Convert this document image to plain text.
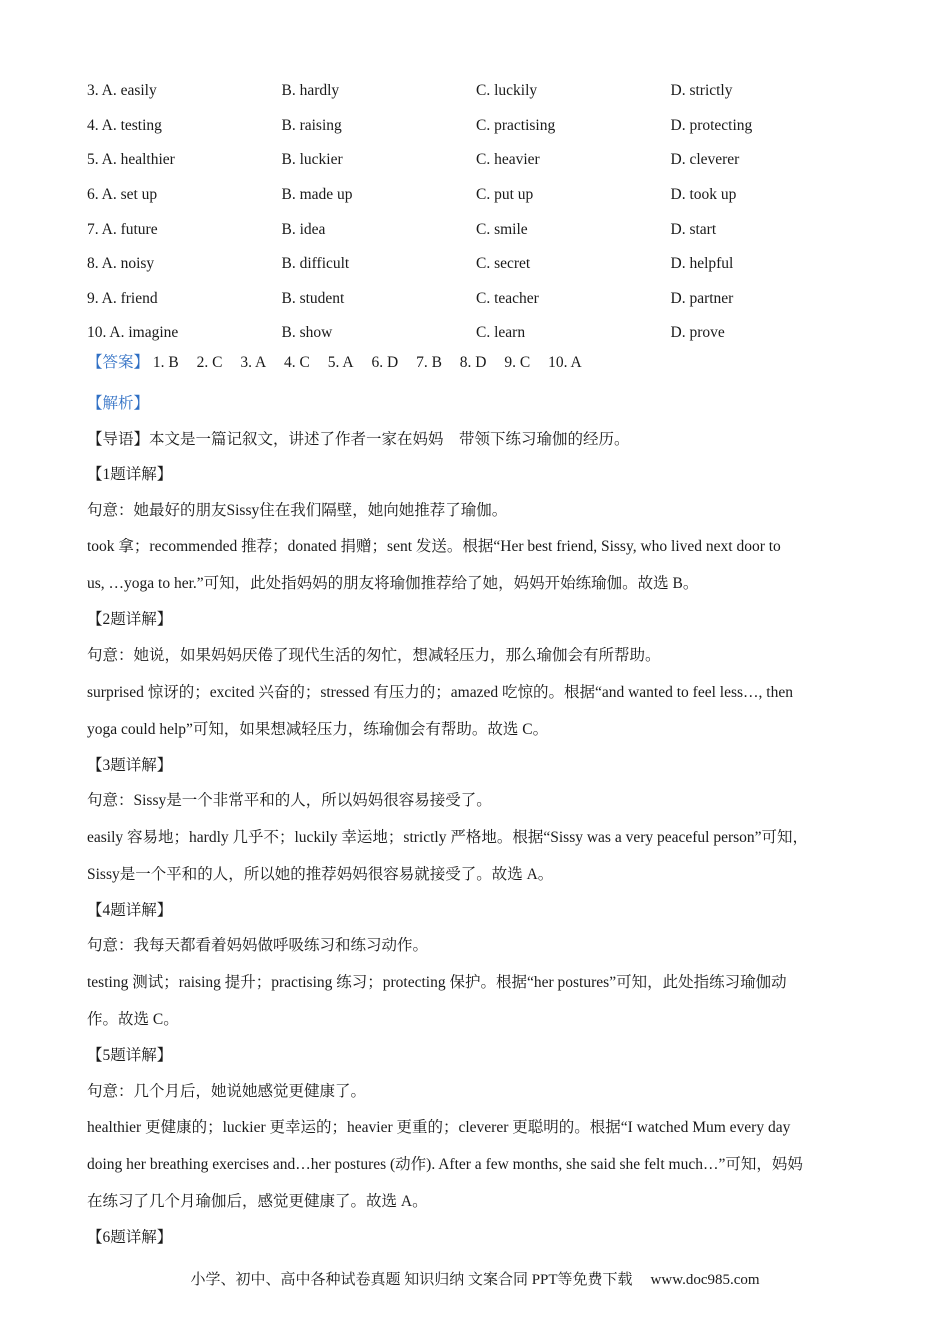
3. A. easily	B. hardly	C. luckily	D. strictly
4. A. testing	B. raising	C. practising	D. protecting
5. A. healthier	B. luckier	C. heavier	D. cleverer
6. A. set up	B. made up	C. put up	D. took up
7. A. future	B. idea	C. smile	D. start
8. A. noisy	B. difficult	C. secret	D. helpful
9. A. friend	B. student	C. teacher	D. partner
10. A. imagine	B. show	C. learn	D. prove
【答案】 1. B 2. C 3. A 4. C 5. A 6. D 7. B 8. D 9. C 10. A
【解析】
【导语】本文是一篇记叙文，讲述了作者一家在妈妈　带领下练习瑜伽的经历。
【1题详解】
句意：她最好的朋友Sissy住在我们隔壁，她向她推荐了瑜伽。
took 拿；recommended 推荐；donated 捐赠；sent 发送。根据“Her best friend, Sissy, who lived next door to
us, …yoga to her.”可知，此处指妈妈的朋友将瑜伽推荐给了她，妈妈开始练瑜伽。故选 B。
【2题详解】
句意：她说，如果妈妈厌倦了现代生活的匆忙，想减轻压力，那么瑜伽会有所帮助。
surprised 惊讶的；excited 兴奋的；stressed 有压力的；amazed 吃惊的。根据“and wanted to feel less…, then
yoga could help”可知，如果想减轻压力，练瑜伽会有帮助。故选 C。
【3题详解】
句意：Sissy是一个非常平和的人，所以妈妈很容易接受了。
easily 容易地；hardly 几乎不；luckily 幸运地；strictly 严格地。根据“Sissy was a very peaceful person”可知，
Sissy是一个平和的人，所以她的推荐妈妈很容易就接受了。故选 A。
【4题详解】
句意：我每天都看着妈妈做呼吸练习和练习动作。
testing 测试；raising 提升；practising 练习；protecting 保护。根据“her postures”可知，此处指练习瑜伽动
作。故选 C。
【5题详解】
句意：几个月后，她说她感觉更健康了。
healthier 更健康的；luckier 更幸运的；heavier 更重的；cleverer 更聪明的。根据“I watched Mum every day
doing her breathing exercises and…her postures (动作). After a few months, she said she felt much…”可知，妈妈
在练习了几个月瑜伽后，感觉更健康了。故选 A。
【6题详解】
小学、初中、高中各种试卷真题 知识归纳 文案合同 PPT等免费下载 www.doc985.com
